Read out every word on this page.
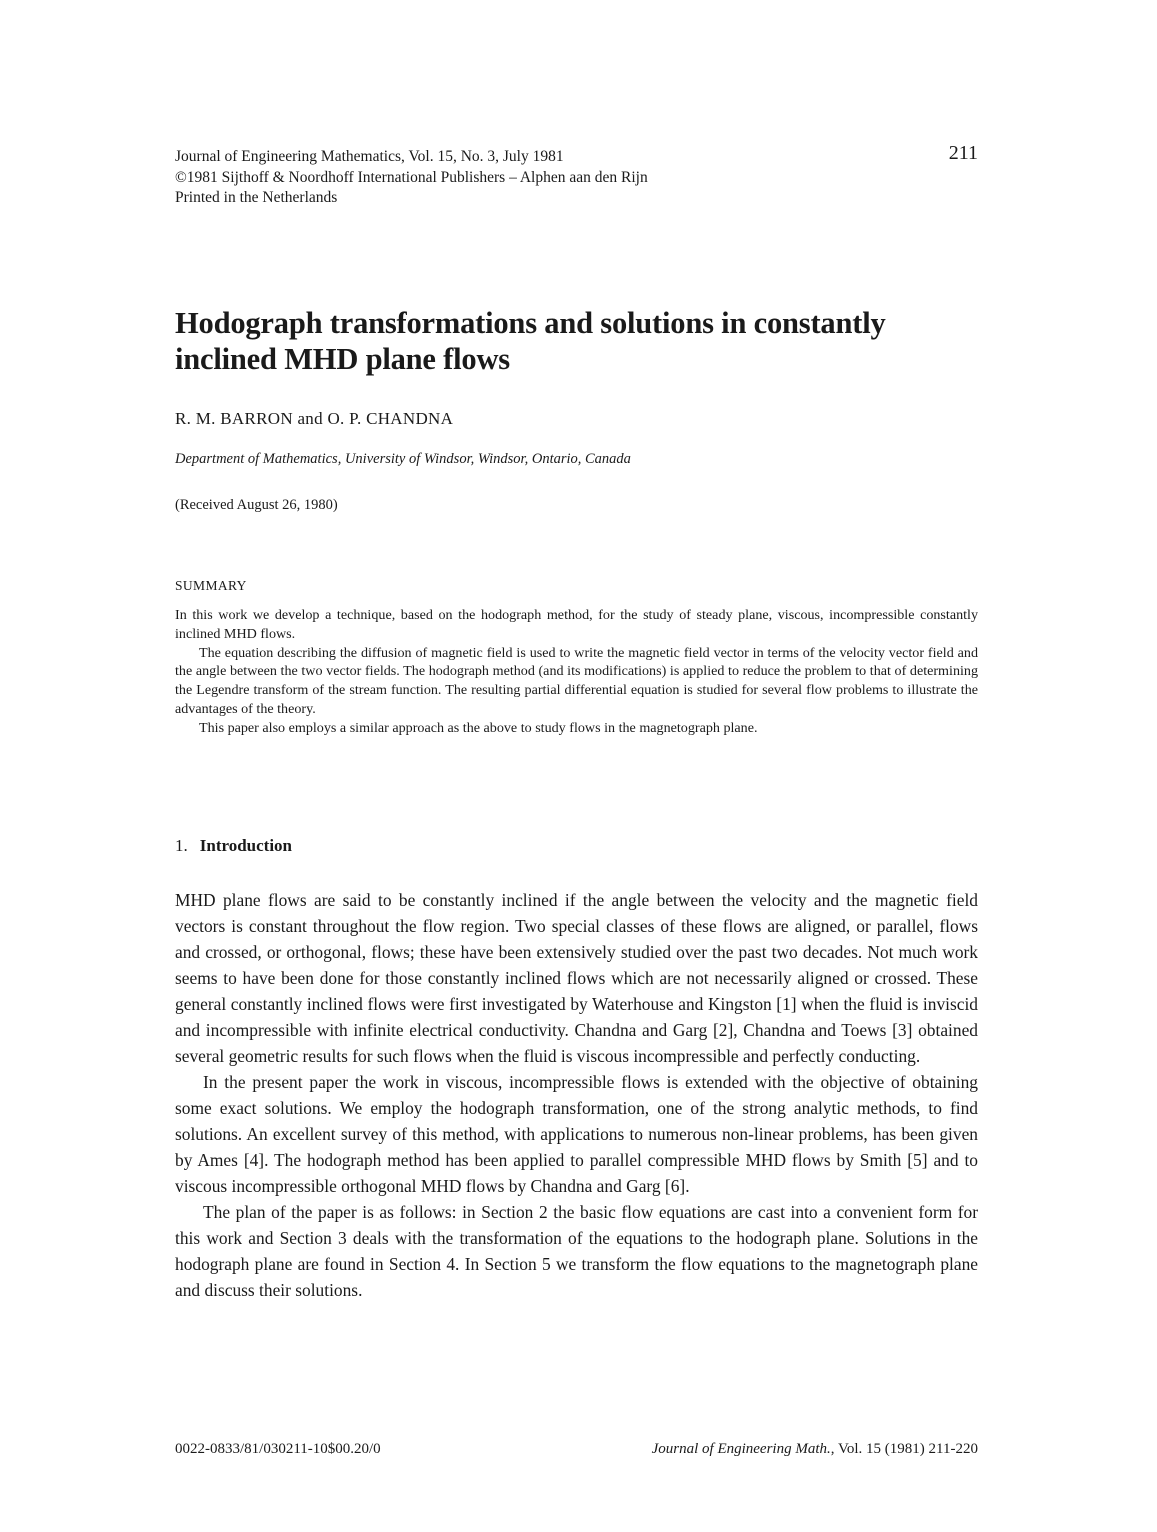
Journal of Engineering Mathematics, Vol. 15, No. 3, July 1981
©1981 Sijthoff & Noordhoff International Publishers – Alphen aan den Rijn
Printed in the Netherlands
211
Hodograph transformations and solutions in constantly inclined MHD plane flows
R. M. BARRON and O. P. CHANDNA
Department of Mathematics, University of Windsor, Windsor, Ontario, Canada
(Received August 26, 1980)
SUMMARY

In this work we develop a technique, based on the hodograph method, for the study of steady plane, viscous, incompressible constantly inclined MHD flows.

The equation describing the diffusion of magnetic field is used to write the magnetic field vector in terms of the velocity vector field and the angle between the two vector fields. The hodograph method (and its modifications) is applied to reduce the problem to that of determining the Legendre transform of the stream function. The resulting partial differential equation is studied for several flow problems to illustrate the advantages of the theory.

This paper also employs a similar approach as the above to study flows in the magnetograph plane.

1. Introduction

MHD plane flows are said to be constantly inclined if the angle between the velocity and the magnetic field vectors is constant throughout the flow region. Two special classes of these flows are aligned, or parallel, flows and crossed, or orthogonal, flows; these have been extensively studied over the past two decades. Not much work seems to have been done for those constantly inclined flows which are not necessarily aligned or crossed. These general constantly inclined flows were first investigated by Waterhouse and Kingston [1] when the fluid is inviscid and incompressible with infinite electrical conductivity. Chandna and Garg [2], Chandna and Toews [3] obtained several geometric results for such flows when the fluid is viscous incompressible and perfectly conducting.

In the present paper the work in viscous, incompressible flows is extended with the objective of obtaining some exact solutions. We employ the hodograph transformation, one of the strong analytic methods, to find solutions. An excellent survey of this method, with applications to numerous non-linear problems, has been given by Ames [4]. The hodograph method has been applied to parallel compressible MHD flows by Smith [5] and to viscous incompressible orthogonal MHD flows by Chandna and Garg [6].

The plan of the paper is as follows: in Section 2 the basic flow equations are cast into a convenient form for this work and Section 3 deals with the transformation of the equations to the hodograph plane. Solutions in the hodograph plane are found in Section 4. In Section 5 we transform the flow equations to the magnetograph plane and discuss their solutions.

0022-0833/81/030211-10$00.20/0	Journal of Engineering Math., Vol. 15 (1981) 211-220
